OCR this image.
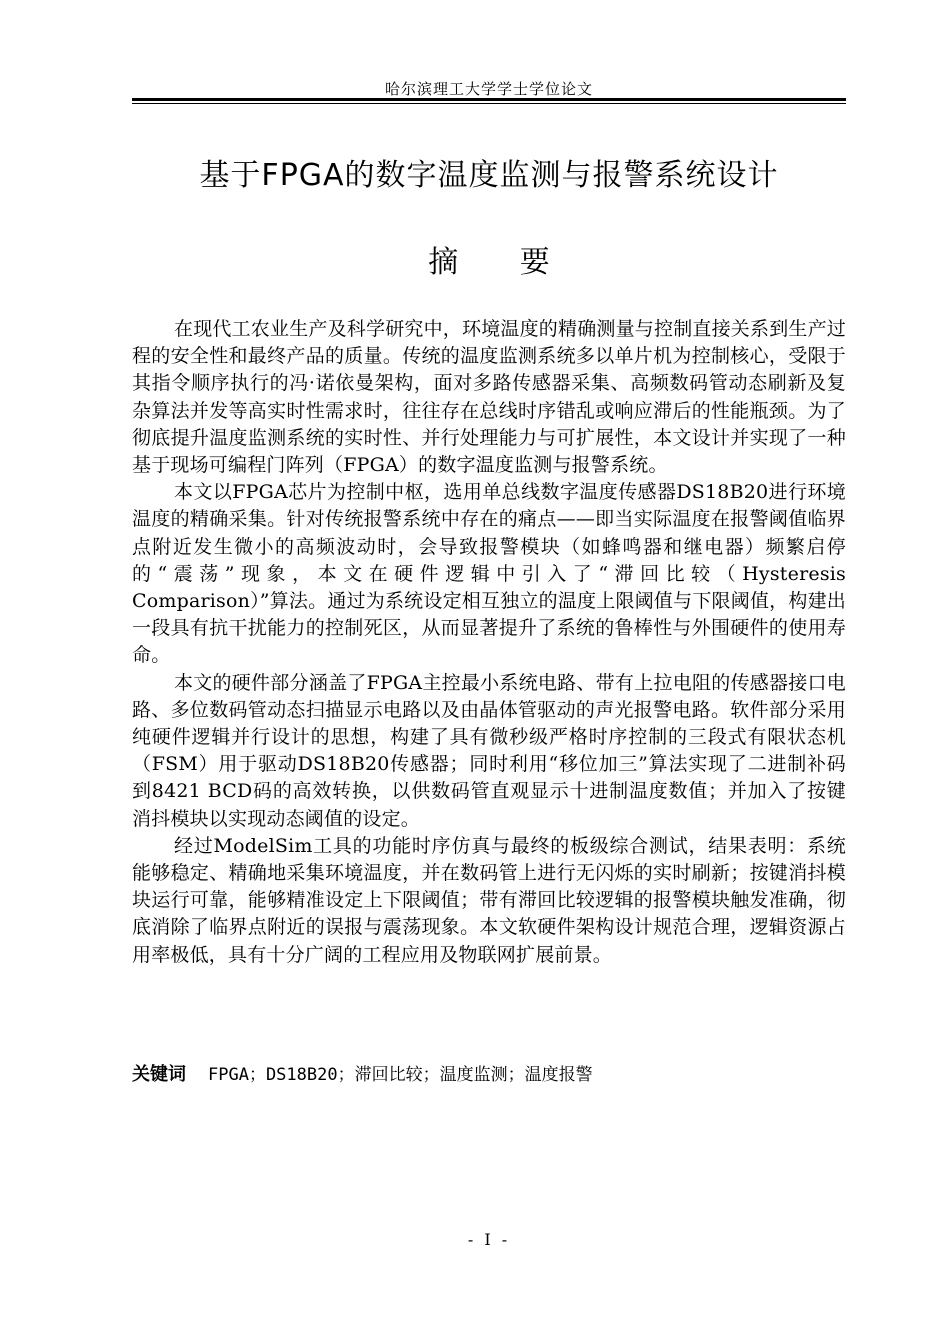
哈尔滨理工大学学士学位论文
基于FPGA的数字温度监测与报警系统设计
摘 要

在现代工农业生产及科学研究中，环境温度的精确测量与控制直接关系到生产过程的安全性和最终产品的质量。传统的温度监测系统多以单片机为控制核心，受限于其指令顺序执行的冯·诺依曼架构，面对多路传感器采集、高频数码管动态刷新及复杂算法并发等高实时性需求时，往往存在总线时序错乱或响应滞后的性能瓶颈。为了彻底提升温度监测系统的实时性、并行处理能力与可扩展性，本文设计并实现了一种基于现场可编程门阵列（FPGA）的数字温度监测与报警系统。

本文以FPGA芯片为控制中枢，选用单总线数字温度传感器DS18B20进行环境温度的精确采集。针对传统报警系统中存在的痛点——即当实际温度在报警阈值临界点附近发生微小的高频波动时，会导致报警模块（如蜂鸣器和继电器）频繁启停的“震荡”现象，本文在硬件逻辑中引入了“滞回比较（Hysteresis Comparison）”算法。通过为系统设定相互独立的温度上限阈值与下限阈值，构建出一段具有抗干扰能力的控制死区，从而显著提升了系统的鲁棒性与外围硬件的使用寿命。

本文的硬件部分涵盖了FPGA主控最小系统电路、带有上拉电阻的传感器接口电路、多位数码管动态扫描显示电路以及由晶体管驱动的声光报警电路。软件部分采用纯硬件逻辑并行设计的思想，构建了具有微秒级严格时序控制的三段式有限状态机（FSM）用于驱动DS18B20传感器；同时利用“移位加三”算法实现了二进制补码到8421 BCD码的高效转换，以供数码管直观显示十进制温度数值；并加入了按键消抖模块以实现动态阈值的设定。

经过ModelSim工具的功能时序仿真与最终的板级综合测试，结果表明：系统能够稳定、精确地采集环境温度，并在数码管上进行无闪烁的实时刷新；按键消抖模块运行可靠，能够精准设定上下限阈值；带有滞回比较逻辑的报警模块触发准确，彻底消除了临界点附近的误报与震荡现象。本文软硬件架构设计规范合理，逻辑资源占用率极低，具有十分广阔的工程应用及物联网扩展前景。

关键词 FPGA；DS18B20；滞回比较；温度监测；温度报警
- I -
